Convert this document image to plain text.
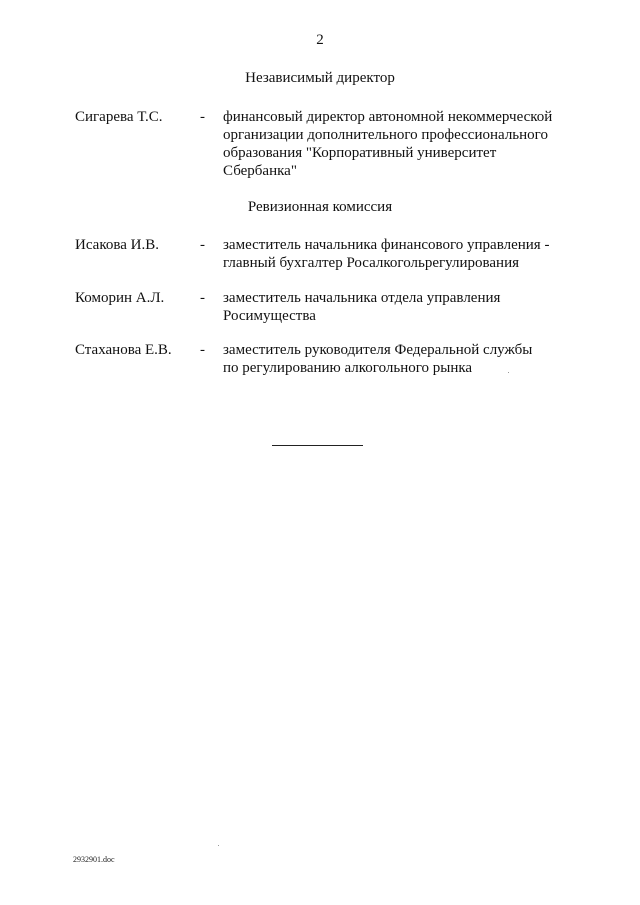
2
Независимый директор
Сигарева Т.С.	- финансовый директор автономной некоммерческой
организации дополнительного профессионального
образования "Корпоративный университет
Сбербанка"
Ревизионная комиссия
Исакова И.В.	- заместитель начальника финансового управления -
главный бухгалтер Росалкогольрегулирования
Коморин А.Л. - заместитель начальника отдела управления
Росимущества
Стаханова Е.В. - заместитель руководителя Федеральной службы
по регулированию алкогольного рынка
2932901.doc
